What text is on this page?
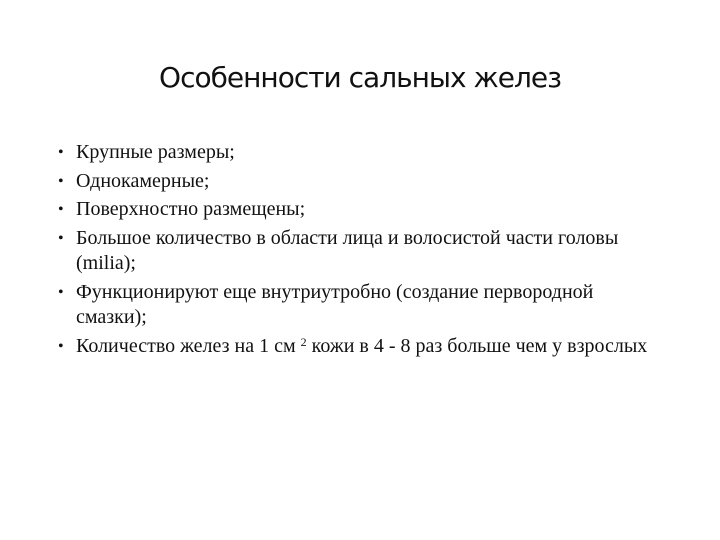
Особенности сальных желез
• Крупные размеры;
• Однокамерные;
• Поверхностно размещены;
• Большое количество в области лица и волосистой части головы (milia);
• Функционируют еще внутриутробно (создание первородной смазки);
• Количество желез на 1 см $^2$ кожи в 4 - 8 раз больше чем у взрослых
